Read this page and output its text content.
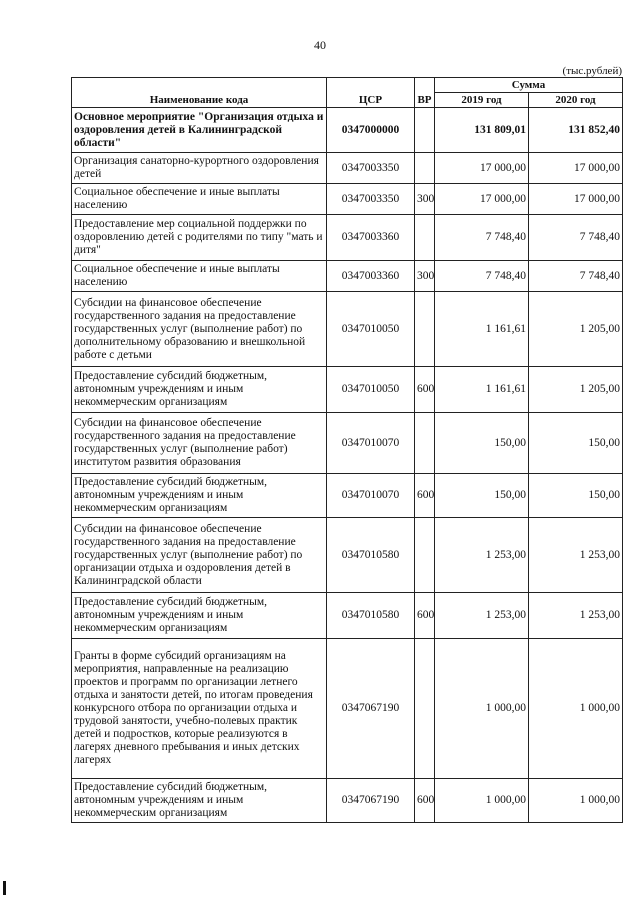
40
(тыс.рублей)
Наименование кода	ЦСР	ВР	Сумма	
			2019 год	2020 год
Основное мероприятие "Организация отдыха и оздоровления детей в Калининградской области"	0347000000		131 809,01	131 852,40
Организация санаторно-курортного оздоровления детей	0347003350		17 000,00	17 000,00
Социальное обеспечение и иные выплаты населению	0347003350	300	17 000,00	17 000,00
Предоставление мер социальной поддержки по оздоровлению детей с родителями по типу "мать и дитя"	0347003360		7 748,40	7 748,40
Социальное обеспечение и иные выплаты населению	0347003360	300	7 748,40	7 748,40
Субсидии на финансовое обеспечение государственного задания на предоставление государственных услуг (выполнение работ) по дополнительному образованию и внешкольной работе с детьми	0347010050		1 161,61	1 205,00
Предоставление субсидий бюджетным, автономным учреждениям и иным некоммерческим организациям	0347010050	600	1 161,61	1 205,00
Субсидии на финансовое обеспечение государственного задания на предоставление государственных услуг (выполнение работ) институтом развития образования	0347010070		150,00	150,00
Предоставление субсидий бюджетным, автономным учреждениям и иным некоммерческим организациям	0347010070	600	150,00	150,00
Субсидии на финансовое обеспечение государственного задания на предоставление государственных услуг (выполнение работ) по организации отдыха и оздоровления детей в Калининградской области	0347010580		1 253,00	1 253,00
Предоставление субсидий бюджетным, автономным учреждениям и иным некоммерческим организациям	0347010580	600	1 253,00	1 253,00
Гранты в форме субсидий организациям на мероприятия, направленные на реализацию проектов и программ по организации летнего отдыха и занятости детей, по итогам проведения конкурсного отбора по организации отдыха и трудовой занятости, учебно-полевых практик детей и подростков, которые реализуются в лагерях дневного пребывания и иных детских лагерях	0347067190		1 000,00	1 000,00
Предоставление субсидий бюджетным, автономным учреждениям и иным некоммерческим организациям	0347067190	600	1 000,00	1 000,00
